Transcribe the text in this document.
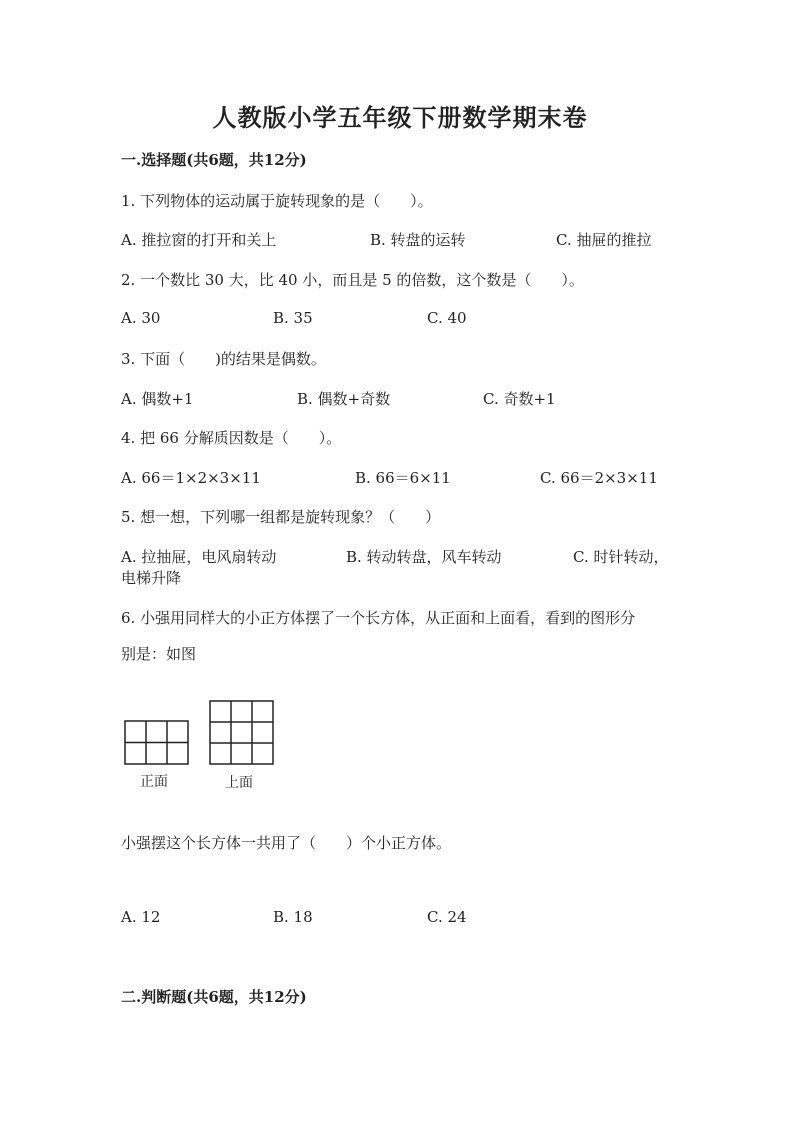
人教版小学五年级下册数学期末卷
一.选择题(共6题，共12分)
1. 下列物体的运动属于旋转现象的是（　　）。
A. 推拉窗的打开和关上	B. 转盘的运转	C. 抽屉的推拉
2. 一个数比 30 大，比 40 小，而且是 5 的倍数，这个数是（　　）。
A. 30	B. 35	C. 40
3. 下面（　　)的结果是偶数。
A. 偶数+1	B. 偶数+奇数	C. 奇数+1
4. 把 66 分解质因数是（　　）。
A. 66＝1×2×3×11	B. 66＝6×11	C. 66＝2×3×11
5. 想一想，下列哪一组都是旋转现象？（　　）
A. 拉抽屉，电风扇转动	B. 转动转盘，风车转动	C. 时针转动，
电梯升降
6. 小强用同样大的小正方体摆了一个长方体，从正面和上面看，看到的图形分
别是：如图
正面	上面
小强摆这个长方体一共用了（　　）个小正方体。
A. 12	B. 18	C. 24
二.判断题(共6题，共12分)
